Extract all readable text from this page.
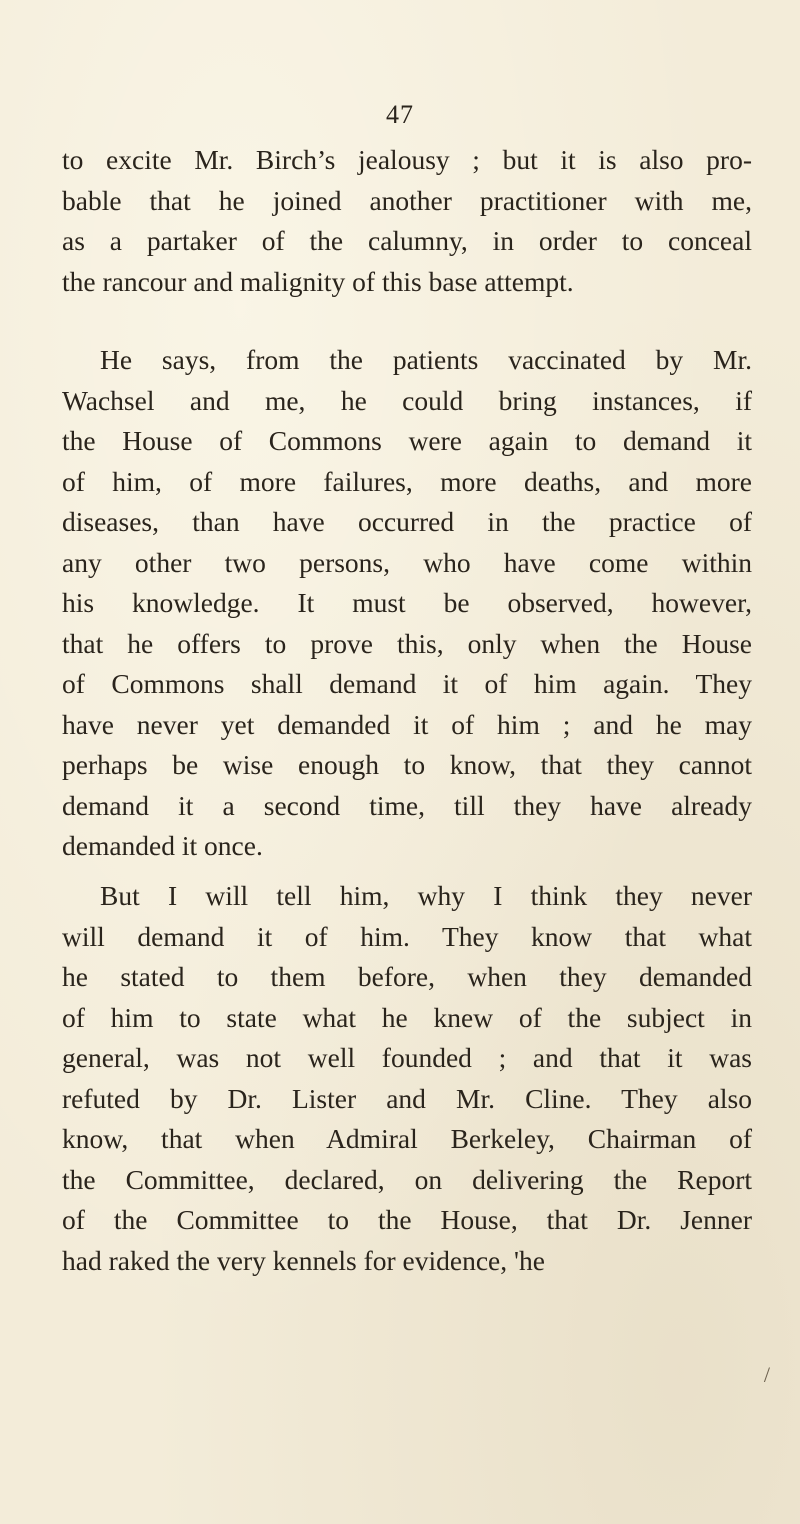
47
to excite Mr. Birch’s jealousy ; but it is also pro-
bable that he joined another practitioner with me,
as a partaker of the calumny, in order to conceal
the rancour and malignity of this base attempt.
He says, from the patients vaccinated by Mr.
Wachsel and me, he could bring instances, if
the House of Commons were again to demand it
of him, of more failures, more deaths, and more
diseases, than have occurred in the practice of
any other two persons, who have come within
his knowledge. It must be observed, however,
that he offers to prove this, only when the House
of Commons shall demand it of him again. They
have never yet demanded it of him ; and he may
perhaps be wise enough to know, that they cannot
demand it a second time, till they have already
demanded it once.
But I will tell him, why I think they never
will demand it of him. They know that what
he stated to them before, when they demanded
of him to state what he knew of the subject in
general, was not well founded ; and that it was
refuted by Dr. Lister and Mr. Cline. They also
know, that when Admiral Berkeley, Chairman of
the Committee, declared, on delivering the Report
of the Committee to the House, that Dr. Jenner
had raked the very kennels for evidence, 'he
/
